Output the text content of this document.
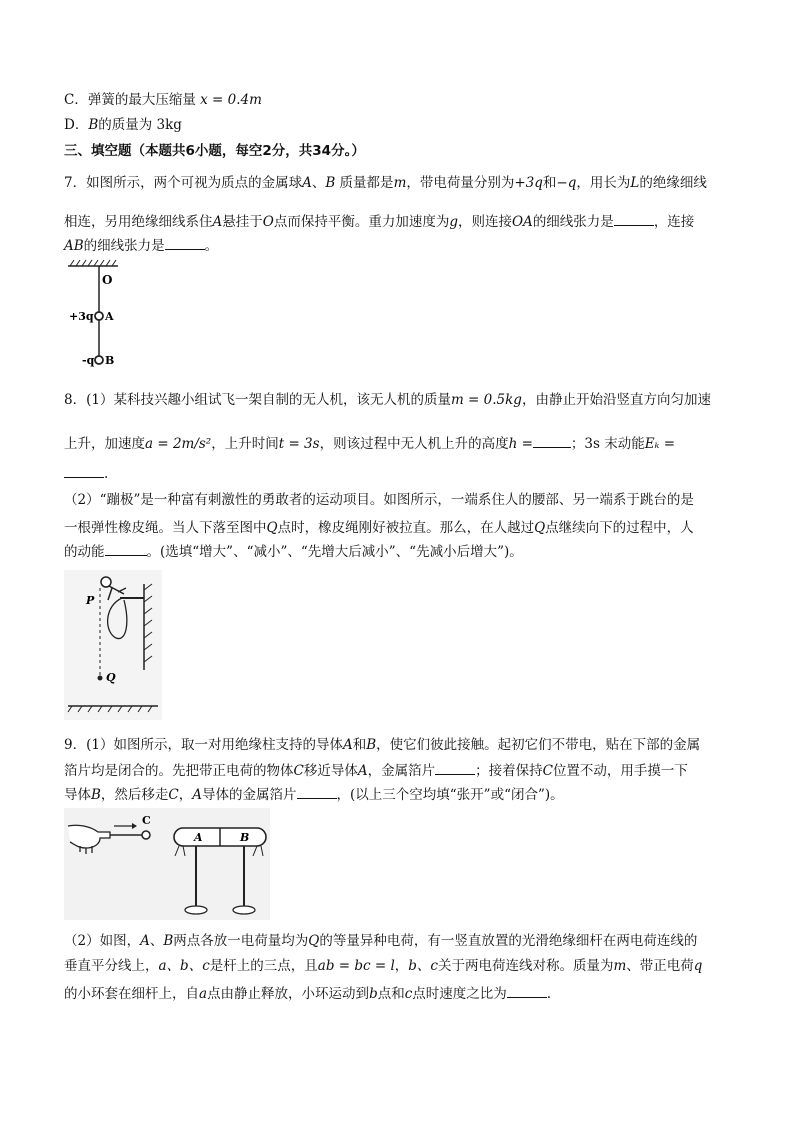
C．弹簧的最大压缩量 x = 0.4m
D．B的质量为 3kg
三、填空题（本题共6小题，每空2分，共34分。）
7．如图所示，两个可视为质点的金属球A、B 质量都是m，带电荷量分别为+3q和−q，用长为L的绝缘细线
相连，另用绝缘细线系住A悬挂于O点而保持平衡。重力加速度为g，则连接OA的细线张力是	，连接
AB的细线张力是	。
O
+3q A
-q B
8．(1）某科技兴趣小组试飞一架自制的无人机，该无人机的质量m = 0.5kg，由静止开始沿竖直方向匀加速
上升，加速度a = 2m/s²，上升时间t = 3s，则该过程中无人机上升的高度h =	；3s 末动能Eₖ =
.
（2）“蹦极”是一种富有刺激性的勇敢者的运动项目。如图所示，一端系住人的腰部、另一端系于跳台的是
一根弹性橡皮绳。当人下落至图中Q点时，橡皮绳刚好被拉直。那么，在人越过Q点继续向下的过程中，人
的动能	。(选填“增大”、“减小”、“先增大后减小”、“先减小后增大”)。
P
Q
9．(1）如图所示，取一对用绝缘柱支持的导体A和B，使它们彼此接触。起初它们不带电，贴在下部的金属
箔片均是闭合的。先把带正电荷的物体C移近导体A，金属箔片	；接着保持C位置不动，用手摸一下
导体B，然后移走C，A导体的金属箔片	，(以上三个空均填“张开”或“闭合”)。
C
A	B
（2）如图，A、B两点各放一电荷量均为Q的等量异种电荷，有一竖直放置的光滑绝缘细杆在两电荷连线的
垂直平分线上，a、b、c是杆上的三点，且ab = bc = l，b、c关于两电荷连线对称。质量为m、带正电荷q
的小环套在细杆上，自a点由静止释放，小环运动到b点和c点时速度之比为	.
